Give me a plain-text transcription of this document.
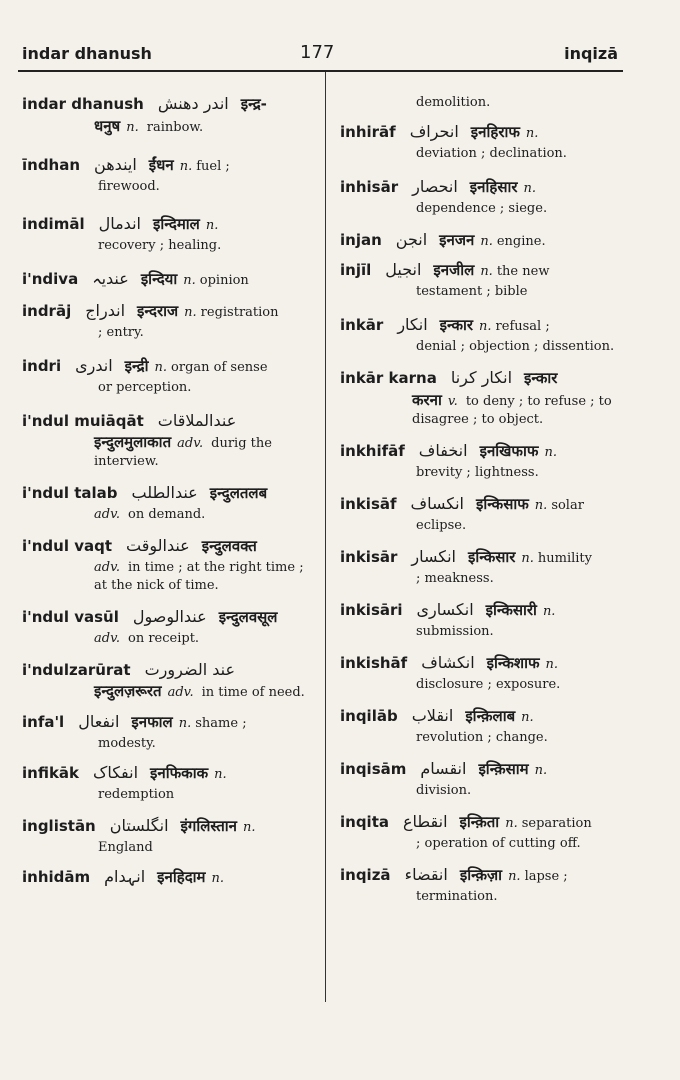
indar dhanush	177	inqizā
indar dhanush اندر دھنش इन्द्र-
धनुष n. rainbow.
īndhan ایندھن ईंधन n. fuel ;
firewood.
indimāl اندمال इन्दिमाल n.
recovery ; healing.
i'ndiva عندیہ इन्दिया n. opinion
indrāj اندراج इन्दराज n. registration
; entry.
indri اندری इन्द्री n. organ of sense
or perception.
i'ndul muiāqāt عندالملاقات
इन्दुलमुलाकात adv. durig the interview.
i'ndul talab عندالطلب इन्दुलतलब
adv. on demand.
i'ndul vaqt عندالوقت इन्दुलवक्त
adv. in time ; at the right time ; at the nick of time.
i'ndul vasūl عندالوصول इन्दुलवसूल
adv. on receipt.
i'ndulzarūrat عند الضرورت
इन्दुलज़रूरत adv. in time of need.
infa'l انفعال इनफाल n. shame ;
modesty.
infikāk انفکاک इनफिकाक n.
redemption
inglistān انگلستان इंगलिस्तान n.
England
inhidām انہدام इनहिदाम n.
demolition.
inhirāf انحراف इनहिराफ n.
deviation ; declination.
inhisār انحصار इनहिसार n.
dependence ; siege.
injan انجن इनजन n. engine.
injīl انجیل इनजील n. the new
testament ; bible
inkār انکار इन्कार n. refusal ;
denial ; objection ; dissention.
inkār karna انکار کرنا इन्कार
करना v. to deny ; to refuse ; to disagree ; to object.
inkhifāf انخفاف इनखिफाफ n.
brevity ; lightness.
inkisāf انکساف इन्किसाफ n. solar
eclipse.
inkisār انکسار इन्किसार n. humility
; meakness.
inkisāri انکساری इन्किसारी n.
submission.
inkishāf انکشاف इन्किशाफ n.
disclosure ; exposure.
inqilāb انقلاب इन्क़िलाब n.
revolution ; change.
inqisām انقسام इन्क़िसाम n.
division.
inqita انقطاع इन्क़िता n. separation
; operation of cutting off.
inqizā انقضاء इन्क़िज़ा n. lapse ;
termination.
